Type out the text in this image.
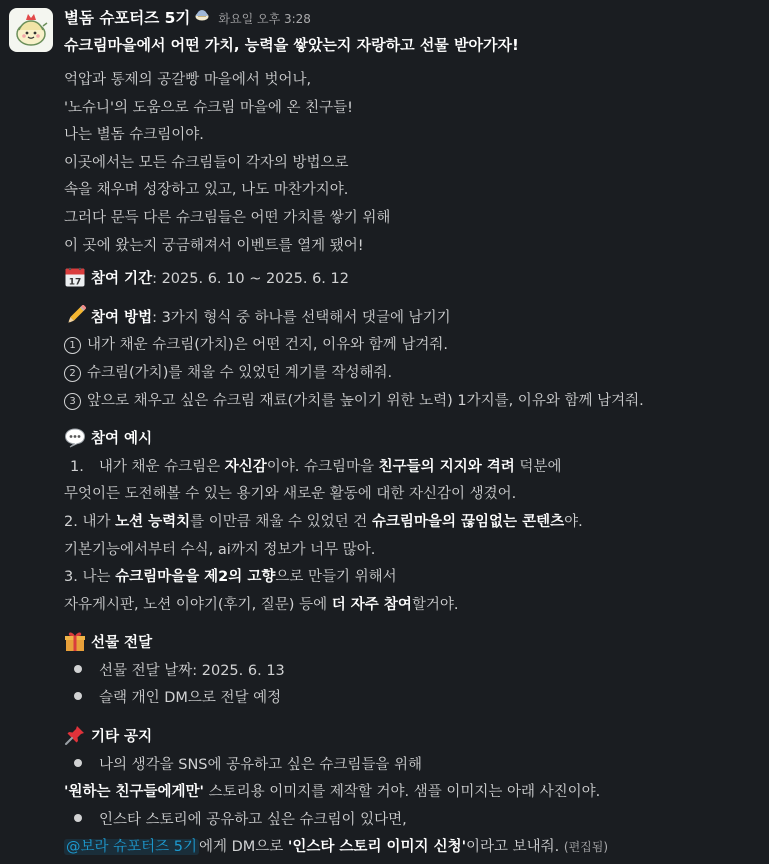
별돔 슈포터즈 5기 화요일 오후 3:28
슈크림마을에서 어떤 가치, 능력을 쌓았는지 자랑하고 선물 받아가자!
억압과 통제의 공갈빵 마을에서 벗어나,
'노슈니'의 도움으로 슈크림 마을에 온 친구들!
나는 별돔 슈크림이야.
이곳에서는 모든 슈크림들이 각자의 방법으로
속을 채우며 성장하고 있고, 나도 마찬가지야.
그러다 문득 다른 슈크림들은 어떤 가치를 쌓기 위해
이 곳에 왔는지 궁금해져서 이벤트를 열게 됐어!
17 참여 기간: 2025. 6. 10 ~ 2025. 6. 12
참여 방법: 3가지 형식 중 하나를 선택해서 댓글에 남기기
1 내가 채운 슈크림(가치)은 어떤 건지, 이유와 함께 남겨줘.
2 슈크림(가치)를 채울 수 있었던 계기를 작성해줘.
3 앞으로 채우고 싶은 슈크림 재료(가치를 높이기 위한 노력) 1가지를, 이유와 함께 남겨줘.
참여 예시
1. 내가 채운 슈크림은 자신감이야. 슈크림마을 친구들의 지지와 격려 덕분에
무엇이든 도전해볼 수 있는 용기와 새로운 활동에 대한 자신감이 생겼어.
2. 내가 노션 능력치를 이만큼 채울 수 있었던 건 슈크림마을의 끊임없는 콘텐츠야.
기본기능에서부터 수식, ai까지 정보가 너무 많아.
3. 나는 슈크림마을을 제2의 고향으로 만들기 위해서
자유게시판, 노션 이야기(후기, 질문) 등에 더 자주 참여할거야.
선물 전달
선물 전달 날짜: 2025. 6. 13
슬랙 개인 DM으로 전달 예정
기타 공지
나의 생각을 SNS에 공유하고 싶은 슈크림들을 위해
'원하는 친구들에게만' 스토리용 이미지를 제작할 거야. 샘플 이미지는 아래 사진이야.
인스타 스토리에 공유하고 싶은 슈크림이 있다면,
@보라 슈포터즈 5기 에게 DM으로 '인스타 스토리 이미지 신청'이라고 보내줘. (편집됨)
